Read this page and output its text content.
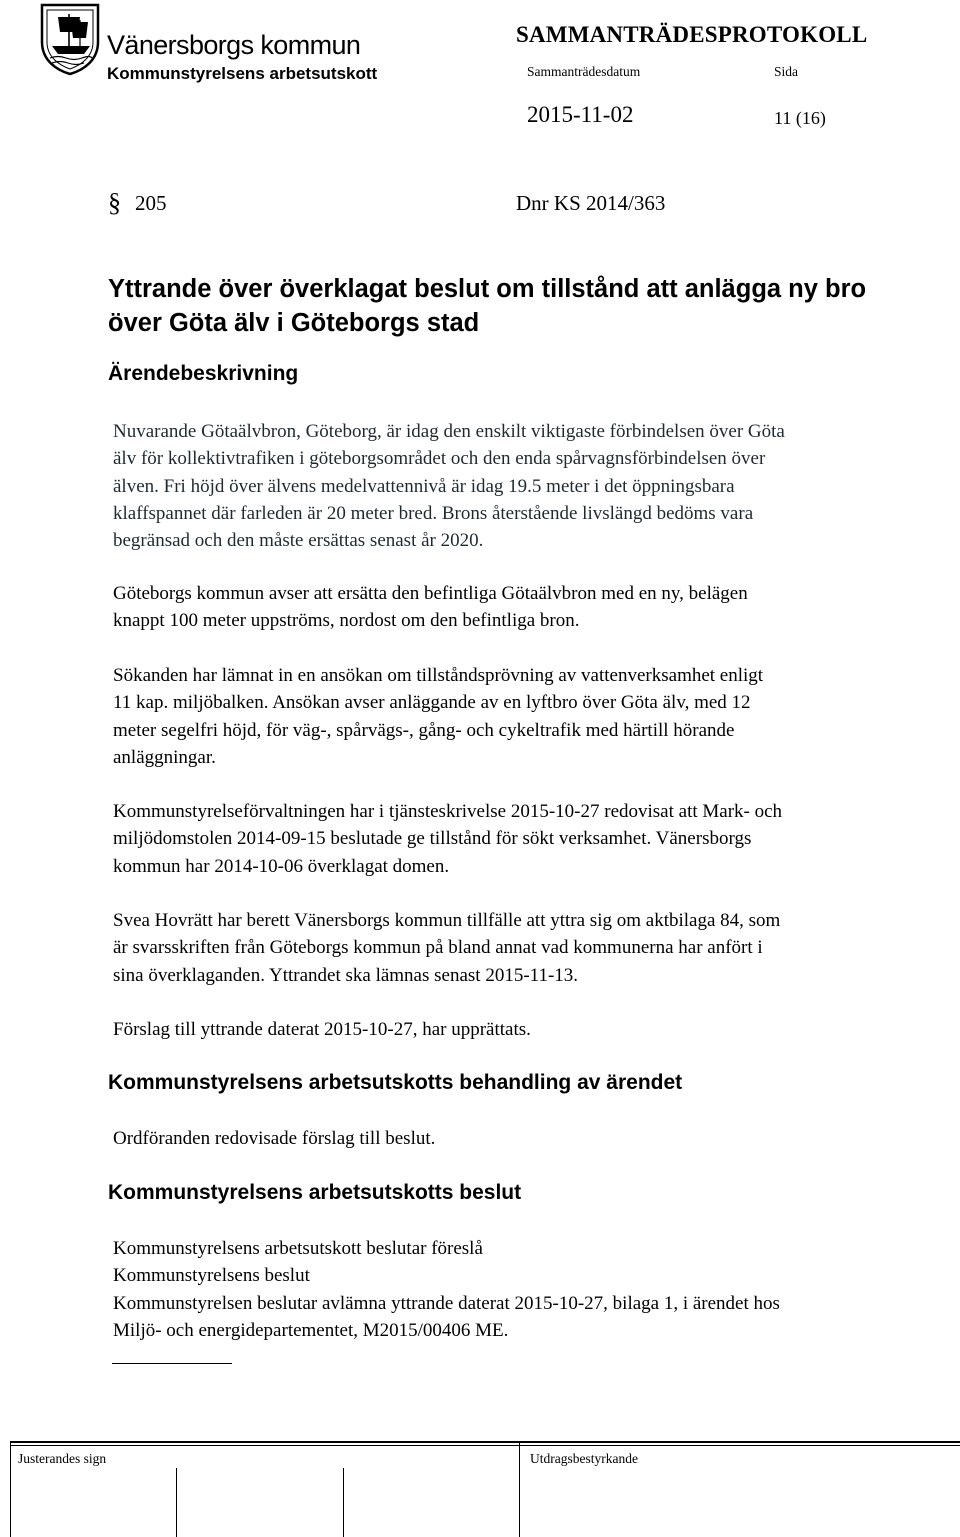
Vänersborgs kommun
Kommunstyrelsens arbetsutskott
SAMMANTRÄDESPROTOKOLL
Sammanträdesdatum	Sida
2015-11-02	11 (16)
§ 205	Dnr KS 2014/363
Yttrande över överklagat beslut om tillstånd att anlägga ny bro
över Göta älv i Göteborgs stad
Ärendebeskrivning
Nuvarande Götaälvbron, Göteborg, är idag den enskilt viktigaste förbindelsen över Göta
älv för kollektivtrafiken i göteborgsområdet och den enda spårvagnsförbindelsen över
älven. Fri höjd över älvens medelvattennivå är idag 19.5 meter i det öppningsbara
klaffspannet där farleden är 20 meter bred. Brons återstående livslängd bedöms vara
begränsad och den måste ersättas senast år 2020.
Göteborgs kommun avser att ersätta den befintliga Götaälvbron med en ny, belägen
knappt 100 meter uppströms, nordost om den befintliga bron.
Sökanden har lämnat in en ansökan om tillståndsprövning av vattenverksamhet enligt
11 kap. miljöbalken. Ansökan avser anläggande av en lyftbro över Göta älv, med 12
meter segelfri höjd, för väg-, spårvägs-, gång- och cykeltrafik med härtill hörande
anläggningar.
Kommunstyrelseförvaltningen har i tjänsteskrivelse 2015-10-27 redovisat att Mark- och
miljödomstolen 2014-09-15 beslutade ge tillstånd för sökt verksamhet. Vänersborgs
kommun har 2014-10-06 överklagat domen.
Svea Hovrätt har berett Vänersborgs kommun tillfälle att yttra sig om aktbilaga 84, som
är svarsskriften från Göteborgs kommun på bland annat vad kommunerna har anfört i
sina överklaganden. Yttrandet ska lämnas senast 2015-11-13.
Förslag till yttrande daterat 2015-10-27, har upprättats.
Kommunstyrelsens arbetsutskotts behandling av ärendet
Ordföranden redovisade förslag till beslut.
Kommunstyrelsens arbetsutskotts beslut
Kommunstyrelsens arbetsutskott beslutar föreslå
Kommunstyrelsens beslut
Kommunstyrelsen beslutar avlämna yttrande daterat 2015-10-27, bilaga 1, i ärendet hos
Miljö- och energidepartementet, M2015/00406 ME.
Justerandes sign	Utdragsbestyrkande
